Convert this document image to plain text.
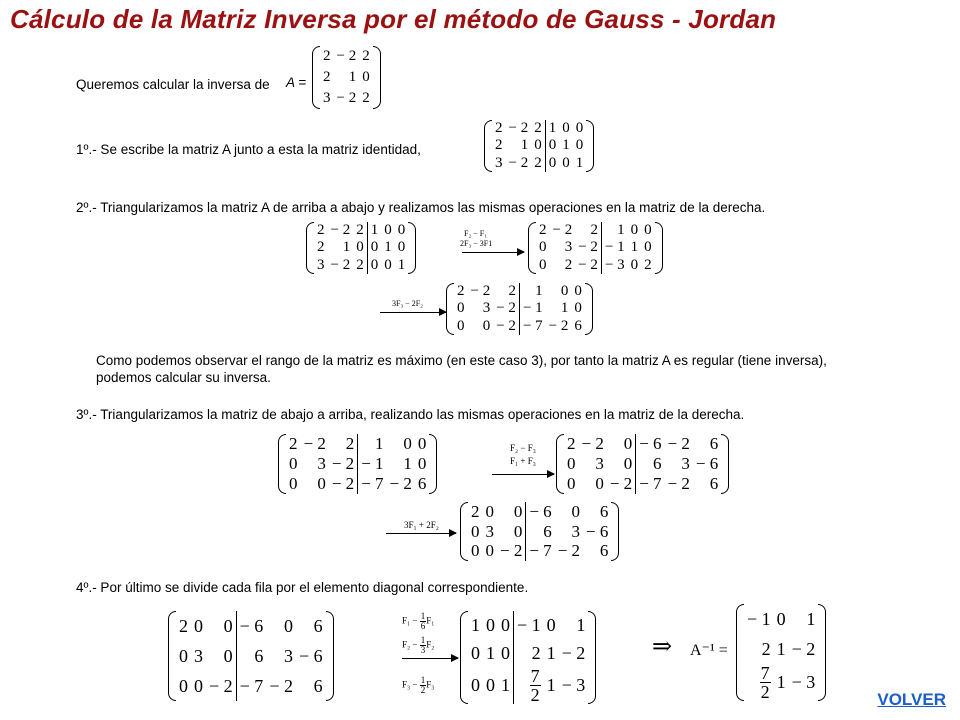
Cálculo de la Matriz Inversa por el método de Gauss - Jordan
Queremos calcular la inversa de A =
2	− 2	2
2	1	0
3	− 2	2
1º.- Se escribe la matriz A junto a esta la matriz identidad,
2	− 2	2	1	0	0
2	1	0	0	1	0
3	− 2	2	0	0	1
2º.- Triangularizamos la matriz A de arriba a abajo y realizamos las mismas operaciones en la matriz de la derecha.
2	− 2	2	1	0	0
2	1	0	0	1	0
3	− 2	2	0	0	1
F₂ − F₁
2F₃ − 3F1
2	− 2	2	1	0	0
0	3	− 2	− 1	1	0
0	2	− 2	− 3	0	2
3F₃ − 2F₂
2	− 2	2	1	0	0
0	3	− 2	− 1	1	0
0	0	− 2	− 7	− 2	6
Como podemos observar el rango de la matriz es máximo (en este caso 3), por tanto la matriz A es regular (tiene inversa), podemos calcular su inversa.
3º.- Triangularizamos la matriz de abajo a arriba, realizando las mismas operaciones en la matriz de la derecha.
2	− 2	2	1	0	0
0	3	− 2	− 1	1	0
0	0	− 2	− 7	− 2	6
F₂ − F₃
F₁ + F₃
2	− 2	0	− 6	− 2	6
0	3	0	6	3	− 6
0	0	− 2	− 7	− 2	6
3F₁ + 2F₂
2	0	0	− 6	0	6
0	3	0	6	3	− 6
0	0	− 2	− 7	− 2	6
4º.- Por último se divide cada fila por el elemento diagonal correspondiente.
2	0	0	− 6	0	6
0	3	0	6	3	− 6
0	0	− 2	− 7	− 2	6
$F_1 - \frac{1}{6} F_1$
$F_2 - \frac{1}{3} F_2$
$F_3 - \frac{1}{2} F_3$
1	0	0	− 1	0	1
0	1	0	2	1	− 2
0	0	1	$\frac{7}{2}$	1	− 3
⇒ A⁻¹ =
− 1	0	1
2	1	− 2

$\frac{7}{2}$	1	− 3
VOLVER
